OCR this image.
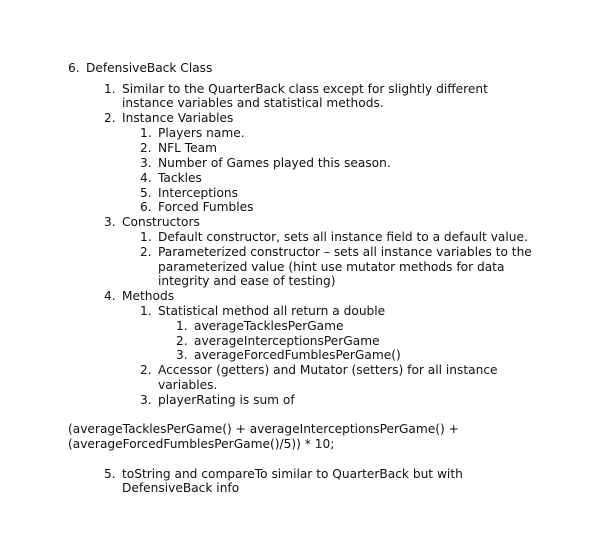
6. DefensiveBack Class
1. Similar to the QuarterBack class except for slightly different
instance variables and statistical methods.
2. Instance Variables
1. Players name.
2. NFL Team
3. Number of Games played this season.
4. Tackles
5. Interceptions
6. Forced Fumbles
3. Constructors
1. Default constructor, sets all instance field to a default value.
2. Parameterized constructor – sets all instance variables to the
parameterized value (hint use mutator methods for data
integrity and ease of testing)
4. Methods
1. Statistical method all return a double
1. averageTacklesPerGame
2. averageInterceptionsPerGame
3. averageForcedFumblesPerGame()
2. Accessor (getters) and Mutator (setters) for all instance
variables.
3. playerRating is sum of
(averageTacklesPerGame() + averageInterceptionsPerGame() +
(averageForcedFumblesPerGame()/5)) * 10;
5. toString and compareTo similar to QuarterBack but with
DefensiveBack info
